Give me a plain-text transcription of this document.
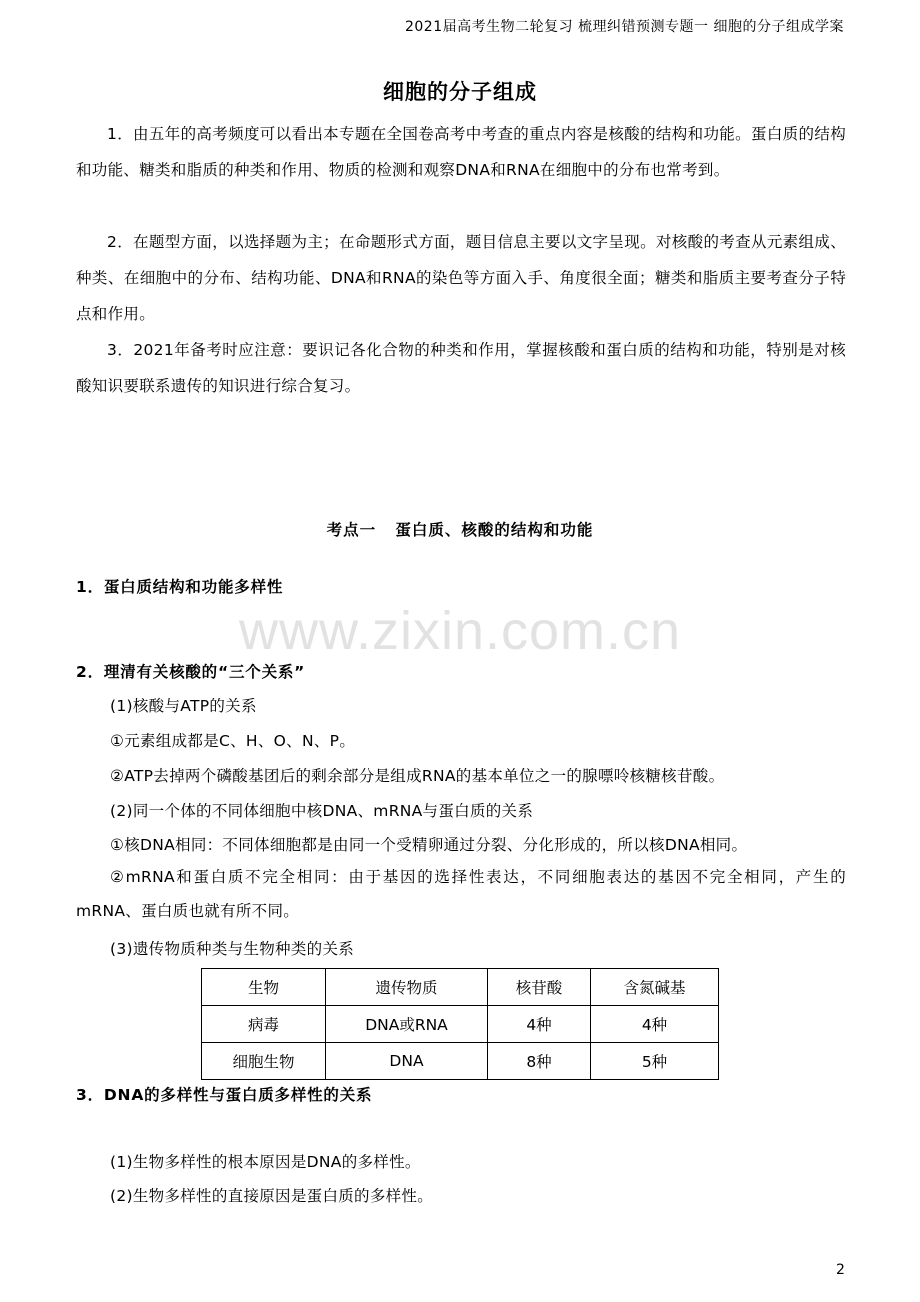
2021届高考生物二轮复习 梳理纠错预测专题一 细胞的分子组成学案
细胞的分子组成
1．由五年的高考频度可以看出本专题在全国卷高考中考查的重点内容是核酸的结构和功能。蛋白质的结构和功能、糖类和脂质的种类和作用、物质的检测和观察DNA和RNA在细胞中的分布也常考到。
2．在题型方面，以选择题为主；在命题形式方面，题目信息主要以文字呈现。对核酸的考查从元素组成、种类、在细胞中的分布、结构功能、DNA和RNA的染色等方面入手、角度很全面；糖类和脂质主要考查分子特点和作用。
3．2021年备考时应注意：要识记各化合物的种类和作用，掌握核酸和蛋白质的结构和功能，特别是对核酸知识要联系遗传的知识进行综合复习。
考点一   蛋白质、核酸的结构和功能
1．蛋白质结构和功能多样性
www.zixin.com.cn
2．理清有关核酸的“三个关系”
(1)核酸与ATP的关系
①元素组成都是C、H、O、N、P。
②ATP去掉两个磷酸基团后的剩余部分是组成RNA的基本单位之一的腺嘌呤核糖核苷酸。
(2)同一个体的不同体细胞中核DNA、mRNA与蛋白质的关系
①核DNA相同：不同体细胞都是由同一个受精卵通过分裂、分化形成的，所以核DNA相同。
②mRNA和蛋白质不完全相同：由于基因的选择性表达，不同细胞表达的基因不完全相同，产生的mRNA、蛋白质也就有所不同。
(3)遗传物质种类与生物种类的关系
生物	遗传物质	核苷酸	含氮碱基
病毒	DNA或RNA	4种	4种
细胞生物	DNA	8种	5种
3．DNA的多样性与蛋白质多样性的关系
(1)生物多样性的根本原因是DNA的多样性。
(2)生物多样性的直接原因是蛋白质的多样性。
2
